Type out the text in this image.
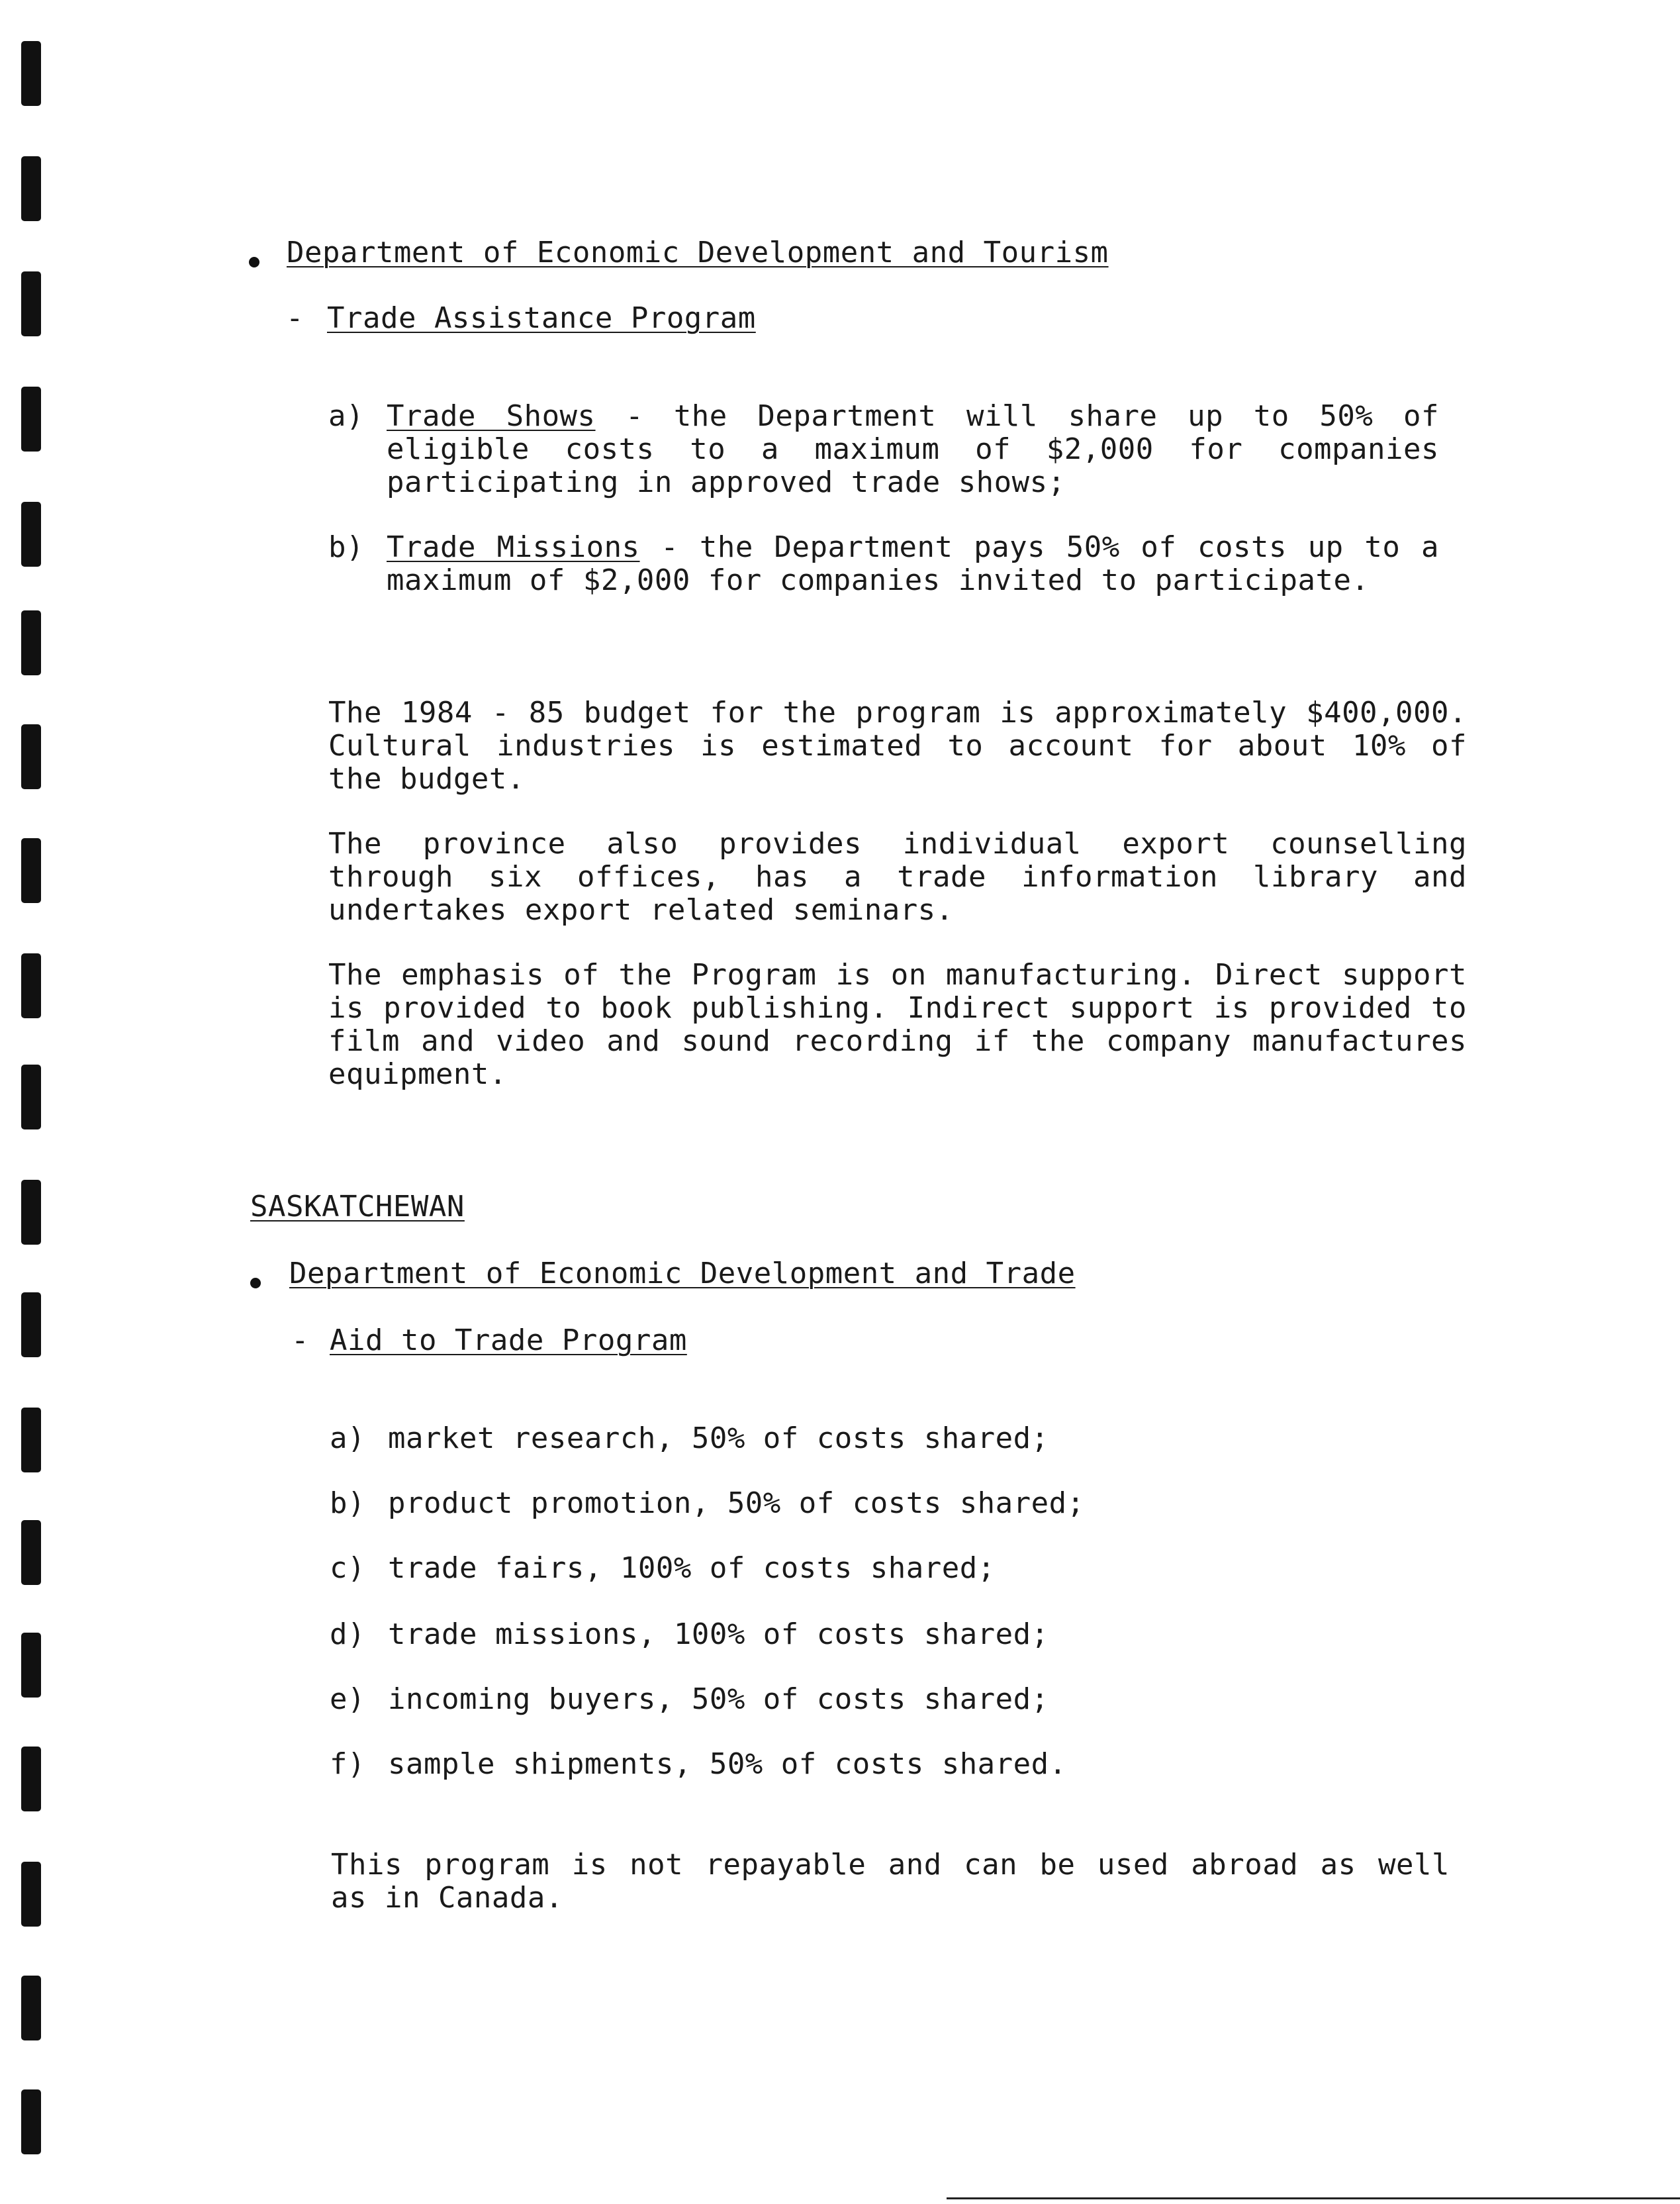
Department of Economic Development and Tourism
- Trade Assistance Program
a) Trade Shows - the Department will share up to 50% of eligible costs to a maximum of $2,000 for companies participating in approved trade shows;
b) Trade Missions - the Department pays 50% of costs up to a maximum of $2,000 for companies invited to participate.
The 1984 - 85 budget for the program is approximately $400,000. Cultural industries is estimated to account for about 10% of the budget.
The province also provides individual export counselling through six offices, has a trade information library and undertakes export related seminars.
The emphasis of the Program is on manufacturing. Direct support is provided to book publishing. Indirect support is provided to film and video and sound recording if the company manufactures equipment.
SASKATCHEWAN
Department of Economic Development and Trade
- Aid to Trade Program
a) market research, 50% of costs shared;
b) product promotion, 50% of costs shared;
c) trade fairs, 100% of costs shared;
d) trade missions, 100% of costs shared;
e) incoming buyers, 50% of costs shared;
f) sample shipments, 50% of costs shared.
This program is not repayable and can be used abroad as well as in Canada.
